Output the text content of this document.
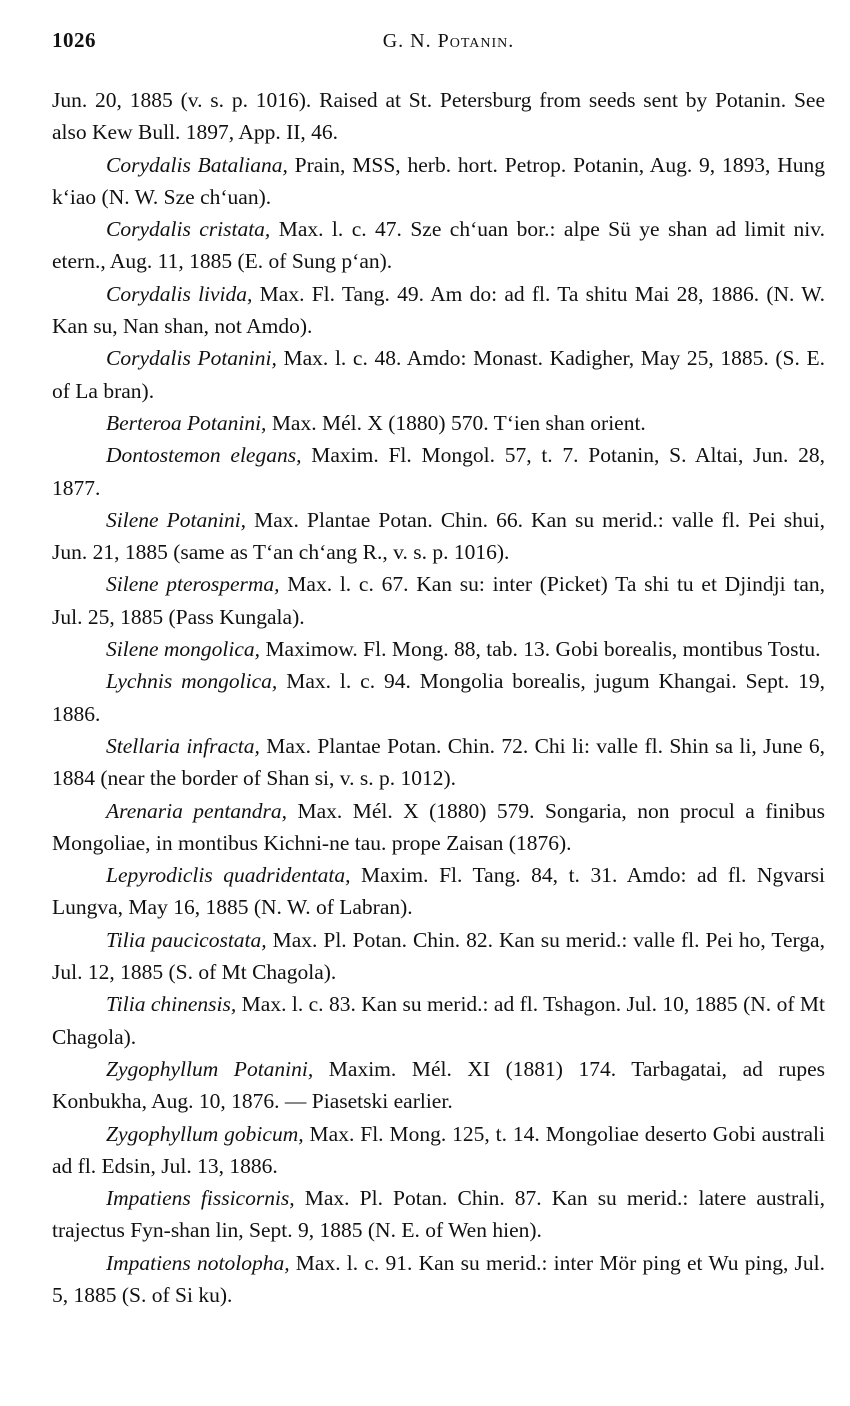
1026	G. N. Potanin.

Jun. 20, 1885 (v. s. p. 1016). Raised at St. Petersburg from seeds sent by Potanin. See also Kew Bull. 1897, App. II, 46.

Corydalis Bataliana, Prain, MSS, herb. hort. Petrop. Potanin, Aug. 9, 1893, Hung kʻiao (N. W. Sze chʻuan).

Corydalis cristata, Max. l. c. 47. Sze chʻuan bor.: alpe Sü ye shan ad limit niv. etern., Aug. 11, 1885 (E. of Sung pʻan).

Corydalis livida, Max. Fl. Tang. 49. Am do: ad fl. Ta shitu Mai 28, 1886. (N. W. Kan su, Nan shan, not Amdo).

Corydalis Potanini, Max. l. c. 48. Amdo: Monast. Kadigher, May 25, 1885. (S. E. of La bran).

Berteroa Potanini, Max. Mél. X (1880) 570. Tʻien shan orient.

Dontostemon elegans, Maxim. Fl. Mongol. 57, t. 7. Potanin, S. Altai, Jun. 28, 1877.

Silene Potanini, Max. Plantae Potan. Chin. 66. Kan su merid.: valle fl. Pei shui, Jun. 21, 1885 (same as Tʻan chʻang R., v. s. p. 1016).

Silene pterosperma, Max. l. c. 67. Kan su: inter (Picket) Ta shi tu et Djindji tan, Jul. 25, 1885 (Pass Kungala).

Silene mongolica, Maximow. Fl. Mong. 88, tab. 13. Gobi borealis, montibus Tostu.

Lychnis mongolica, Max. l. c. 94. Mongolia borealis, jugum Khangai. Sept. 19, 1886.

Stellaria infracta, Max. Plantae Potan. Chin. 72. Chi li: valle fl. Shin sa li, June 6, 1884 (near the border of Shan si, v. s. p. 1012).

Arenaria pentandra, Max. Mél. X (1880) 579. Songaria, non procul a finibus Mongoliae, in montibus Kichni-ne tau. prope Zaisan (1876).

Lepyrodiclis quadridentata, Maxim. Fl. Tang. 84, t. 31. Amdo: ad fl. Ngvarsi Lungva, May 16, 1885 (N. W. of Labran).

Tilia paucicostata, Max. Pl. Potan. Chin. 82. Kan su merid.: valle fl. Pei ho, Terga, Jul. 12, 1885 (S. of Mt Chagola).

Tilia chinensis, Max. l. c. 83. Kan su merid.: ad fl. Tshagon. Jul. 10, 1885 (N. of Mt Chagola).

Zygophyllum Potanini, Maxim. Mél. XI (1881) 174. Tarbagatai, ad rupes Konbukha, Aug. 10, 1876. — Piasetski earlier.

Zygophyllum gobicum, Max. Fl. Mong. 125, t. 14. Mongoliae deserto Gobi australi ad fl. Edsin, Jul. 13, 1886.

Impatiens fissicornis, Max. Pl. Potan. Chin. 87. Kan su merid.: latere australi, trajectus Fyn-shan lin, Sept. 9, 1885 (N. E. of Wen hien).

Impatiens notolopha, Max. l. c. 91. Kan su merid.: inter Mör ping et Wu ping, Jul. 5, 1885 (S. of Si ku).
